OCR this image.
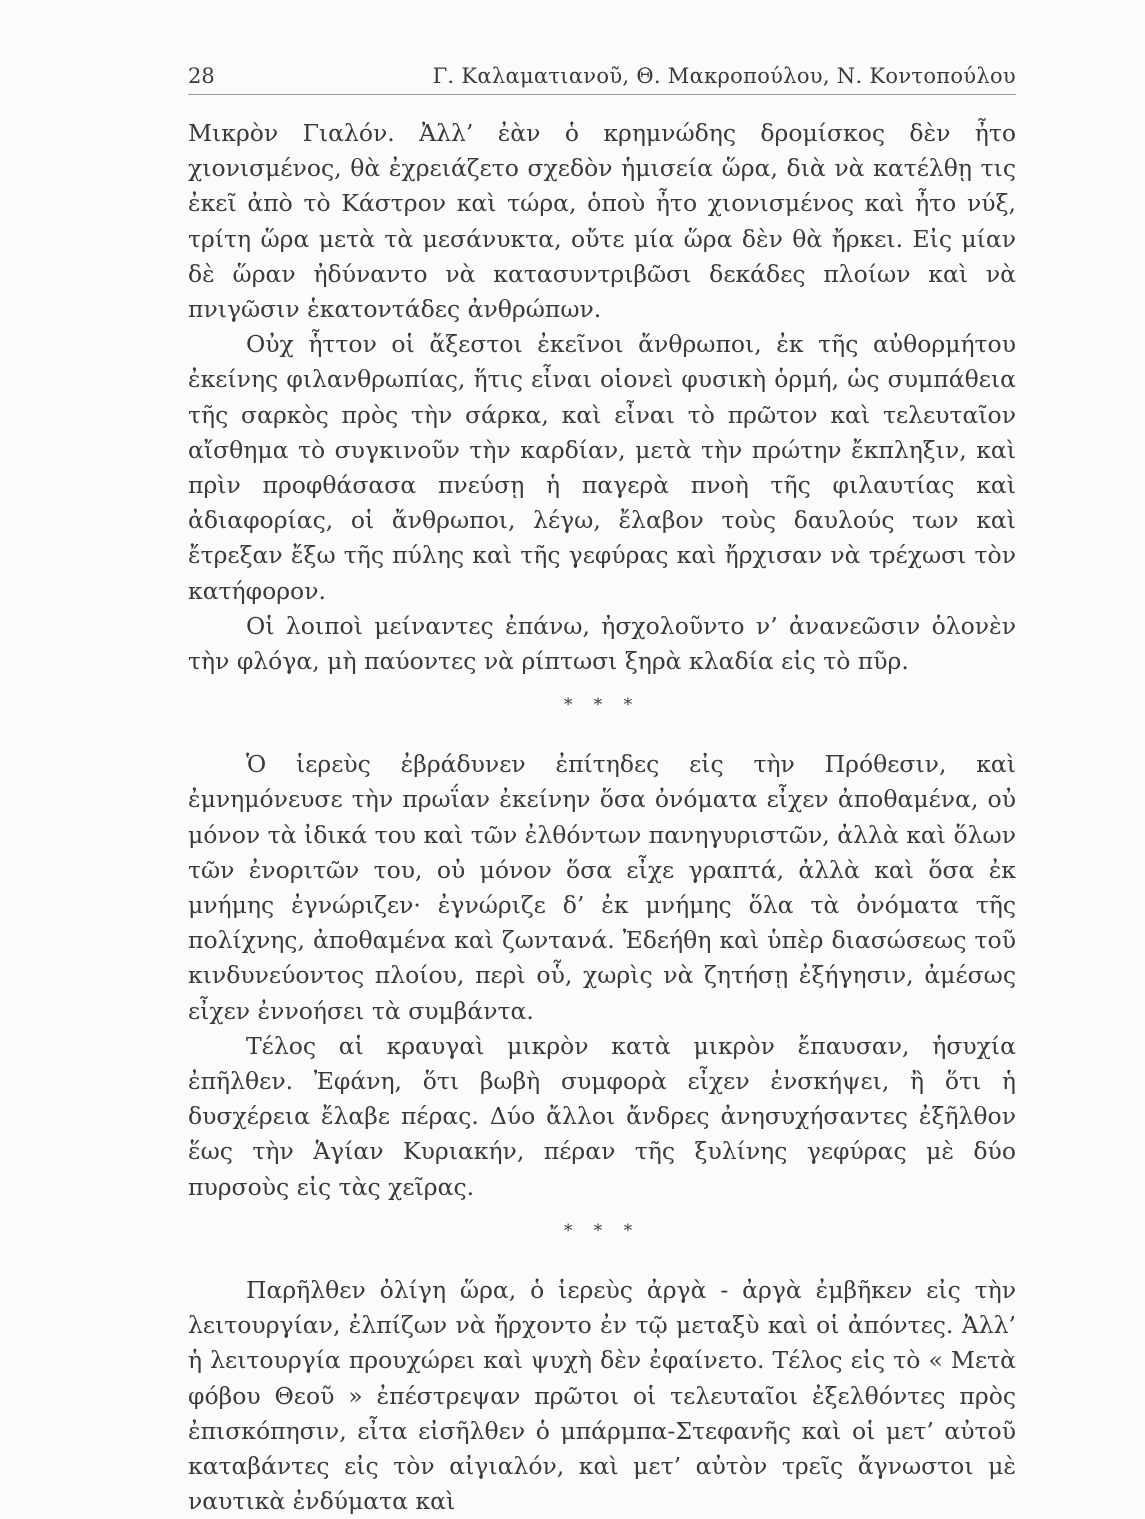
28	Γ. Καλαματιανοῦ, Θ. Μακροπούλου, Ν. Κοντοπούλου

Μικρὸν Γιαλόν. Ἀλλ’ ἐὰν ὁ κρημνώδης δρομίσκος δὲν ἦτο χιονισμένος, θὰ ἐχρειάζετο σχεδὸν ἡμισεία ὥρα, διὰ νὰ κατέλθῃ τις ἐκεῖ ἀπὸ τὸ Κάστρον καὶ τώρα, ὁποὺ ἦτο χιονισμένος καὶ ἦτο νύξ, τρίτη ὥρα μετὰ τὰ μεσάνυκτα, οὔτε μία ὥρα δὲν θὰ ἤρκει. Εἰς μίαν δὲ ὥραν ἠδύναντο νὰ κατασυντριβῶσι δεκάδες πλοίων καὶ νὰ πνιγῶσιν ἑκατοντάδες ἀνθρώπων.

Οὐχ ἧττον οἱ ἄξεστοι ἐκεῖνοι ἄνθρωποι, ἐκ τῆς αὐθορμήτου ἐκείνης φιλανθρωπίας, ἥτις εἶναι οἱονεὶ φυσικὴ ὁρμή, ὡς συμπάθεια τῆς σαρκὸς πρὸς τὴν σάρκα, καὶ εἶναι τὸ πρῶτον καὶ τελευταῖον αἴσθημα τὸ συγκινοῦν τὴν καρδίαν, μετὰ τὴν πρώτην ἔκπληξιν, καὶ πρὶν προφθάσασα πνεύσῃ ἡ παγερὰ πνοὴ τῆς φιλαυτίας καὶ ἀδιαφορίας, οἱ ἄνθρωποι, λέγω, ἔλαβον τοὺς δαυλούς των καὶ ἔτρεξαν ἔξω τῆς πύλης καὶ τῆς γεφύρας καὶ ἤρχισαν νὰ τρέχωσι τὸν κατήφορον.

Οἱ λοιποὶ μείναντες ἐπάνω, ἠσχολοῦντο ν’ ἀνανεῶσιν ὁλονὲν τὴν φλόγα, μὴ παύοντες νὰ ρίπτωσι ξηρὰ κλαδία εἰς τὸ πῦρ.

* * *

Ὁ ἱερεὺς ἐβράδυνεν ἐπίτηδες εἰς τὴν Πρόθεσιν, καὶ ἐμνημόνευσε τὴν πρωΐαν ἐκείνην ὅσα ὀνόματα εἶχεν ἀποθαμένα, οὐ μόνον τὰ ἰδικά του καὶ τῶν ἐλθόντων πανηγυριστῶν, ἀλλὰ καὶ ὅλων τῶν ἐνοριτῶν του, οὐ μόνον ὅσα εἶχε γραπτά, ἀλλὰ καὶ ὅσα ἐκ μνήμης ἐγνώριζεν· ἐγνώριζε δ’ ἐκ μνήμης ὅλα τὰ ὀνόματα τῆς πολίχνης, ἀποθαμένα καὶ ζωντανά. Ἐδεήθη καὶ ὑπὲρ διασώσεως τοῦ κινδυνεύοντος πλοίου, περὶ οὗ, χωρὶς νὰ ζητήσῃ ἐξήγησιν, ἀμέσως εἶχεν ἐννοήσει τὰ συμβάντα.

Τέλος αἱ κραυγαὶ μικρὸν κατὰ μικρὸν ἔπαυσαν, ἡσυχία ἐπῆλθεν. Ἐφάνη, ὅτι βωβὴ συμφορὰ εἶχεν ἐνσκήψει, ἢ ὅτι ἡ δυσχέρεια ἔλαβε πέρας. Δύο ἄλλοι ἄνδρες ἀνησυχήσαντες ἐξῆλθον ἕως τὴν Ἁγίαν Κυριακήν, πέραν τῆς ξυλίνης γεφύρας μὲ δύο πυρσοὺς εἰς τὰς χεῖρας.

* * *

Παρῆλθεν ὀλίγη ὥρα, ὁ ἱερεὺς ἀργὰ - ἀργὰ ἐμβῆκεν εἰς τὴν λειτουργίαν, ἐλπίζων νὰ ἤρχοντο ἐν τῷ μεταξὺ καὶ οἱ ἀπόντες. Ἀλλ’ ἡ λειτουργία προυχώρει καὶ ψυχὴ δὲν ἐφαίνετο. Τέλος εἰς τὸ « Μετὰ φόβου Θεοῦ » ἐπέστρεψαν πρῶτοι οἱ τελευταῖοι ἐξελθόντες πρὸς ἐπισκόπησιν, εἶτα εἰσῆλθεν ὁ μπάρμπα-Στεφανῆς καὶ οἱ μετ’ αὐτοῦ καταβάντες εἰς τὸν αἰγιαλόν, καὶ μετ’ αὐτὸν τρεῖς ἄγνωστοι μὲ ναυτικὰ ἐνδύματα καὶ
